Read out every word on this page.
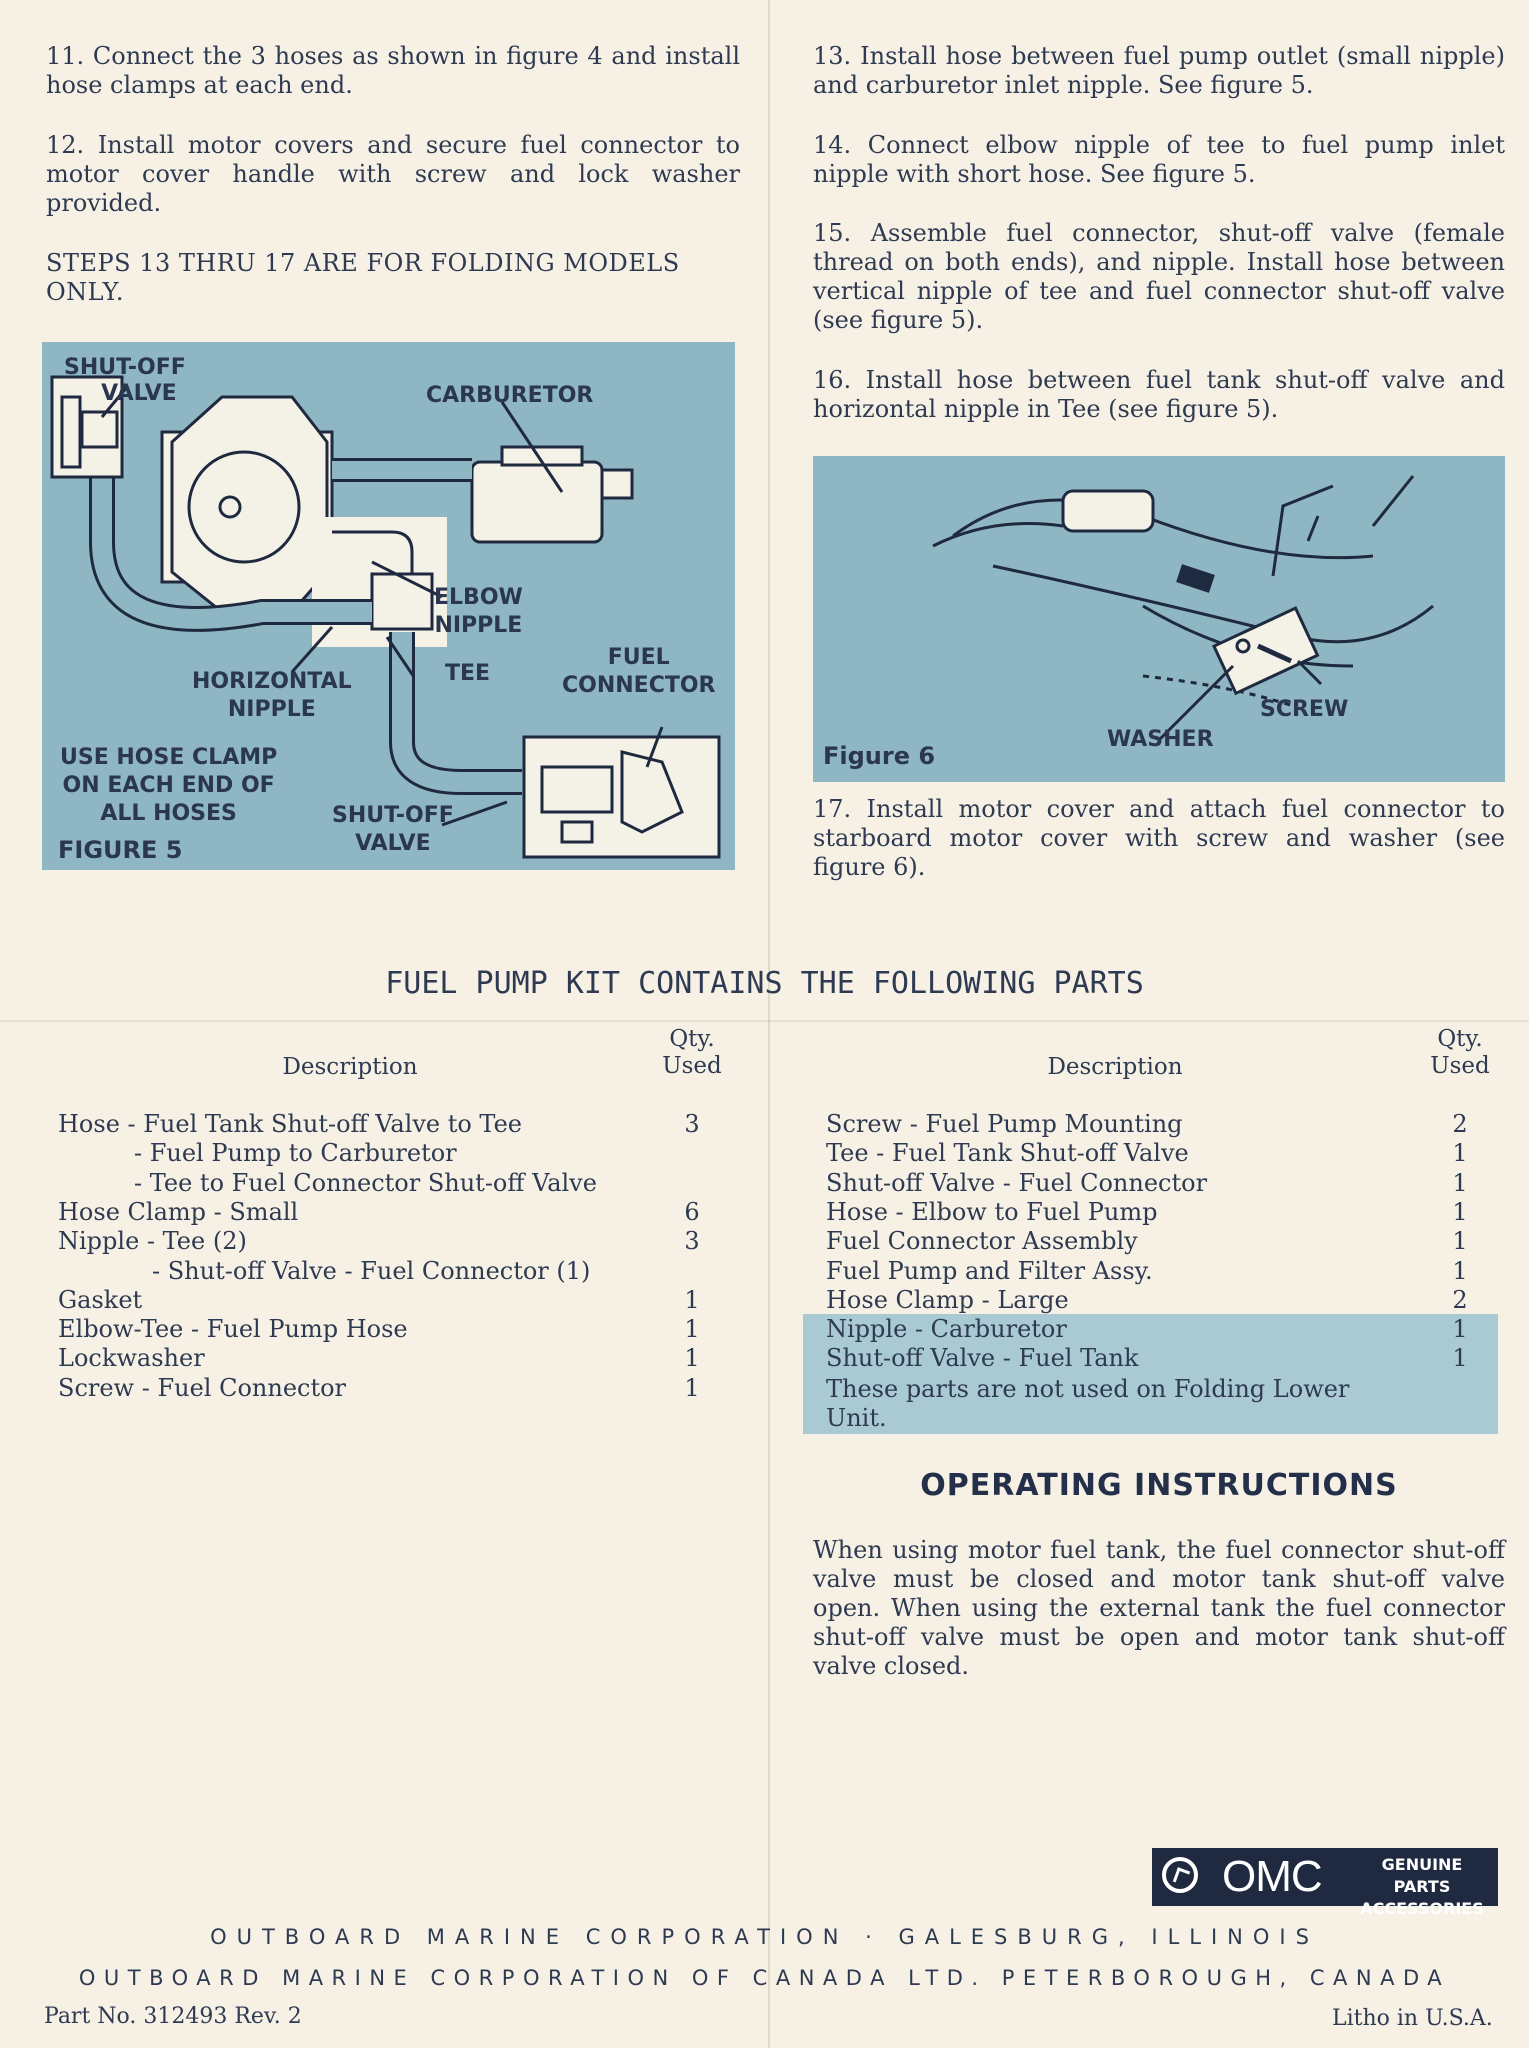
11. Connect the 3 hoses as shown in figure 4 and install hose clamps at each end.

12. Install motor covers and secure fuel connector to motor cover handle with screw and lock washer provided.

STEPS 13 THRU 17 ARE FOR FOLDING MODELS ONLY.

13. Install hose between fuel pump outlet (small nipple) and carburetor inlet nipple. See figure 5.

14. Connect elbow nipple of tee to fuel pump inlet nipple with short hose. See figure 5.

15. Assemble fuel connector, shut-off valve (female thread on both ends), and nipple. Install hose between vertical nipple of tee and fuel connector shut-off valve (see figure 5).

16. Install hose between fuel tank shut-off valve and horizontal nipple in Tee (see figure 5).

SHUT-OFF
VALVE	CARBURETOR
ELBOW
NIPPLE
TEE
HORIZONTAL
NIPPLE
FUEL
CONNECTOR
USE HOSE CLAMP
ON EACH END OF
ALL HOSES	SHUT-OFF
VALVE
FIGURE 5
SCREW
WASHER
Figure 6

17. Install motor cover and attach fuel connector to starboard motor cover with screw and washer (see figure 6).

FUEL PUMP KIT CONTAINS THE FOLLOWING PARTS
Description
Qty.
Used	Description
Qty.
Used
Hose - Fuel Tank Shut-off Valve to Tee	3
- Fuel Pump to Carburetor
- Tee to Fuel Connector Shut-off Valve
Hose Clamp - Small	6
Nipple - Tee (2)	3
- Shut-off Valve - Fuel Connector (1)
Gasket	1
Elbow-Tee - Fuel Pump Hose	1
Lockwasher	1
Screw - Fuel Connector	1
Screw - Fuel Pump Mounting	2
Tee - Fuel Tank Shut-off Valve	1
Shut-off Valve - Fuel Connector	1
Hose - Elbow to Fuel Pump	1
Fuel Connector Assembly	1
Fuel Pump and Filter Assy.	1
Hose Clamp - Large	2
Nipple - Carburetor	1
Shut-off Valve - Fuel Tank	1
These parts are not used on Folding Lower
Unit.
OPERATING INSTRUCTIONS

When using motor fuel tank, the fuel connector shut-off valve must be closed and motor tank shut-off valve open. When using the external tank the fuel connector shut-off valve must be open and motor tank shut-off valve closed.

OMC	GENUINE PARTS
ACCESSORIES
OUTBOARD MARINE CORPORATION · GALESBURG, ILLINOIS
OUTBOARD MARINE CORPORATION OF CANADA LTD. PETERBOROUGH, CANADA
Part No. 312493 Rev. 2	Litho in U.S.A.
